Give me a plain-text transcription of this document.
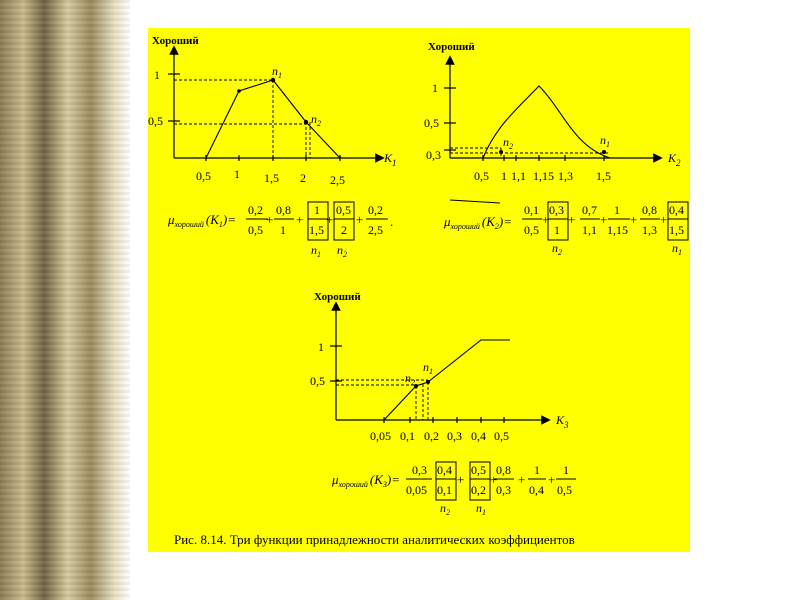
Хороший
1
0,5
0,5 1 1,5 2 2,5
$K_1$
$n_1$
$n_2$
Хороший
1
0,5
0,3
0,5 1 1,1 1,15 1,3 1,5
$K_2$
$n_2$	$n_1$
$\mu_{хороший}$ $(K_1)=$
0,2
0,5
+
0,8
1
+
1
1,5
+
0,5
2
+
0,2
2,5
.
$n_1$ $n_2$
$\mu_{хороший}$ $(K_2)=$
0,1
0,5
+
0,3
1
+
0,7
1,1
+
1
1,15
+
0,8
1,3
+
0,4
1,5
$n_2$	$n_1$
Хороший
1
0,5
0,05 0,1 0,2 0,3 0,4 0,5
$K_3$
$n_2$
$n_1$
$\mu_{хороший}$ $(K_3)=$
0,3
0,05
0,4
0,1
+
0,5
0,2
+
0,8
0,3
+
1
0,4
+
1
0,5
$n_2$ $n_1$
Рис. 8.14. Три функции принадлежности аналитических коэффициентов
